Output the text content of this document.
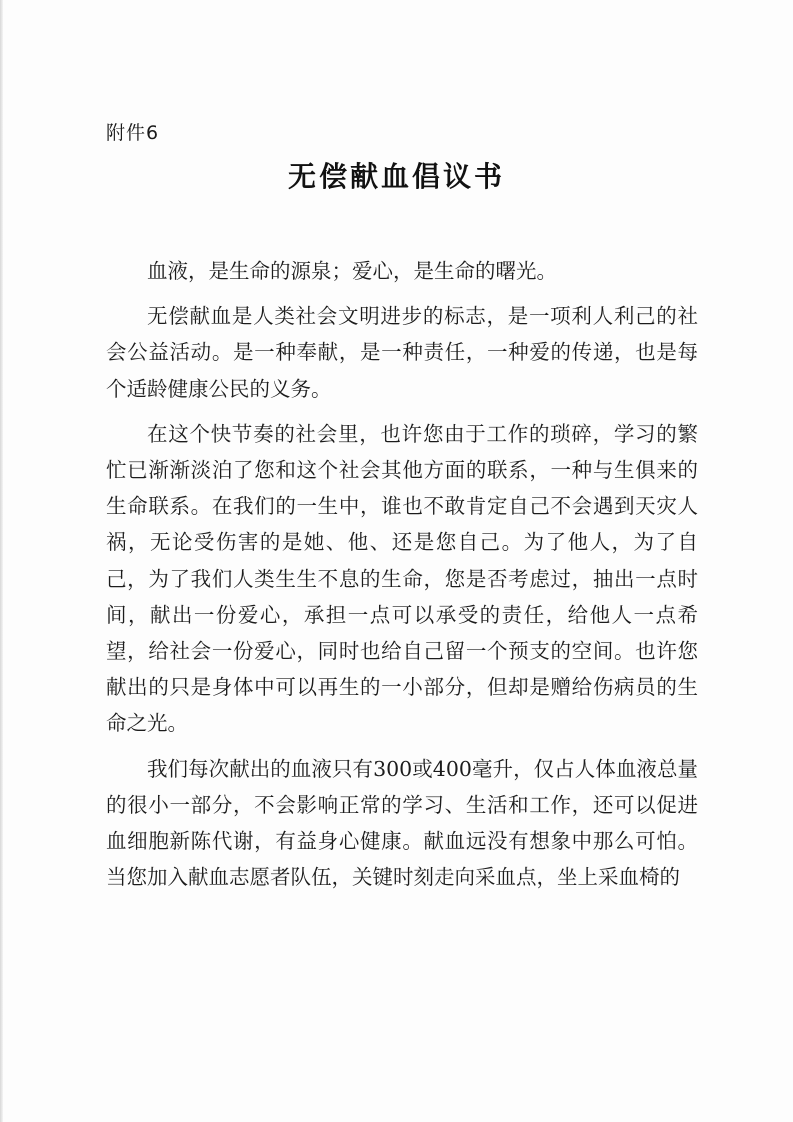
附件6
无偿献血倡议书

血液，是生命的源泉；爱心，是生命的曙光。

无偿献血是人类社会文明进步的标志，是一项利人利己的社会公益活动。是一种奉献，是一种责任，一种爱的传递，也是每个适龄健康公民的义务。

在这个快节奏的社会里，也许您由于工作的琐碎，学习的繁忙已渐渐淡泊了您和这个社会其他方面的联系，一种与生俱来的生命联系。在我们的一生中，谁也不敢肯定自己不会遇到天灾人祸，无论受伤害的是她、他、还是您自己。为了他人，为了自己，为了我们人类生生不息的生命，您是否考虑过，抽出一点时间，献出一份爱心，承担一点可以承受的责任，给他人一点希望，给社会一份爱心，同时也给自己留一个预支的空间。也许您献出的只是身体中可以再生的一小部分，但却是赠给伤病员的生命之光。

我们每次献出的血液只有300或400毫升，仅占人体血液总量的很小一部分，不会影响正常的学习、生活和工作，还可以促进血细胞新陈代谢，有益身心健康。献血远没有想象中那么可怕。当您加入献血志愿者队伍，关键时刻走向采血点，坐上采血椅的
